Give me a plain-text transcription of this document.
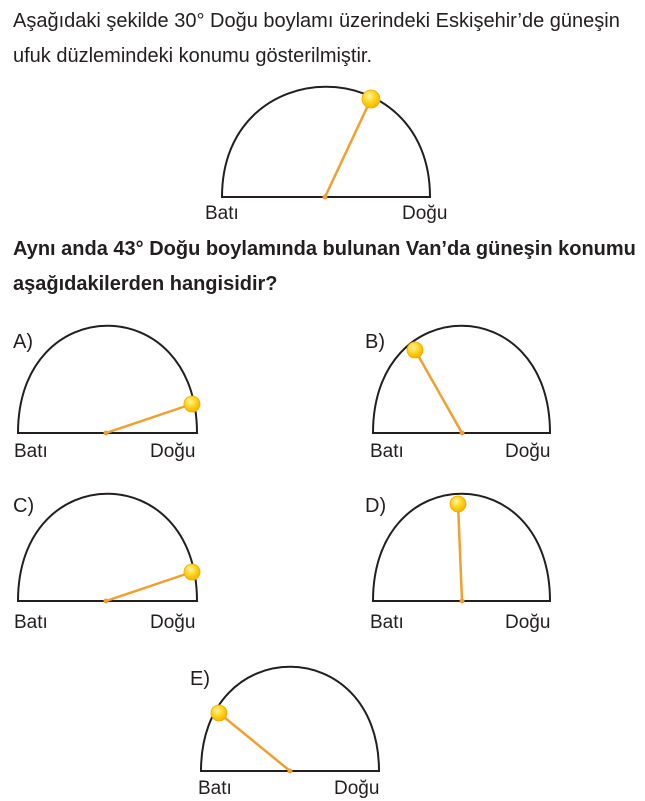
Aşağıdaki şekilde 30° Doğu boylamı üzerindeki Eskişehir’de güneşin ufuk düzlemindeki konumu gösterilmiştir.
Aynı anda 43° Doğu boylamında bulunan Van’da güneşin konumu aşağıdakilerden hangisidir?
Batı	Doğu
A)
Batı	Doğu
B)
Batı	Doğu
C)
Batı	Doğu
D)
Batı	Doğu
E)
Batı	Doğu
